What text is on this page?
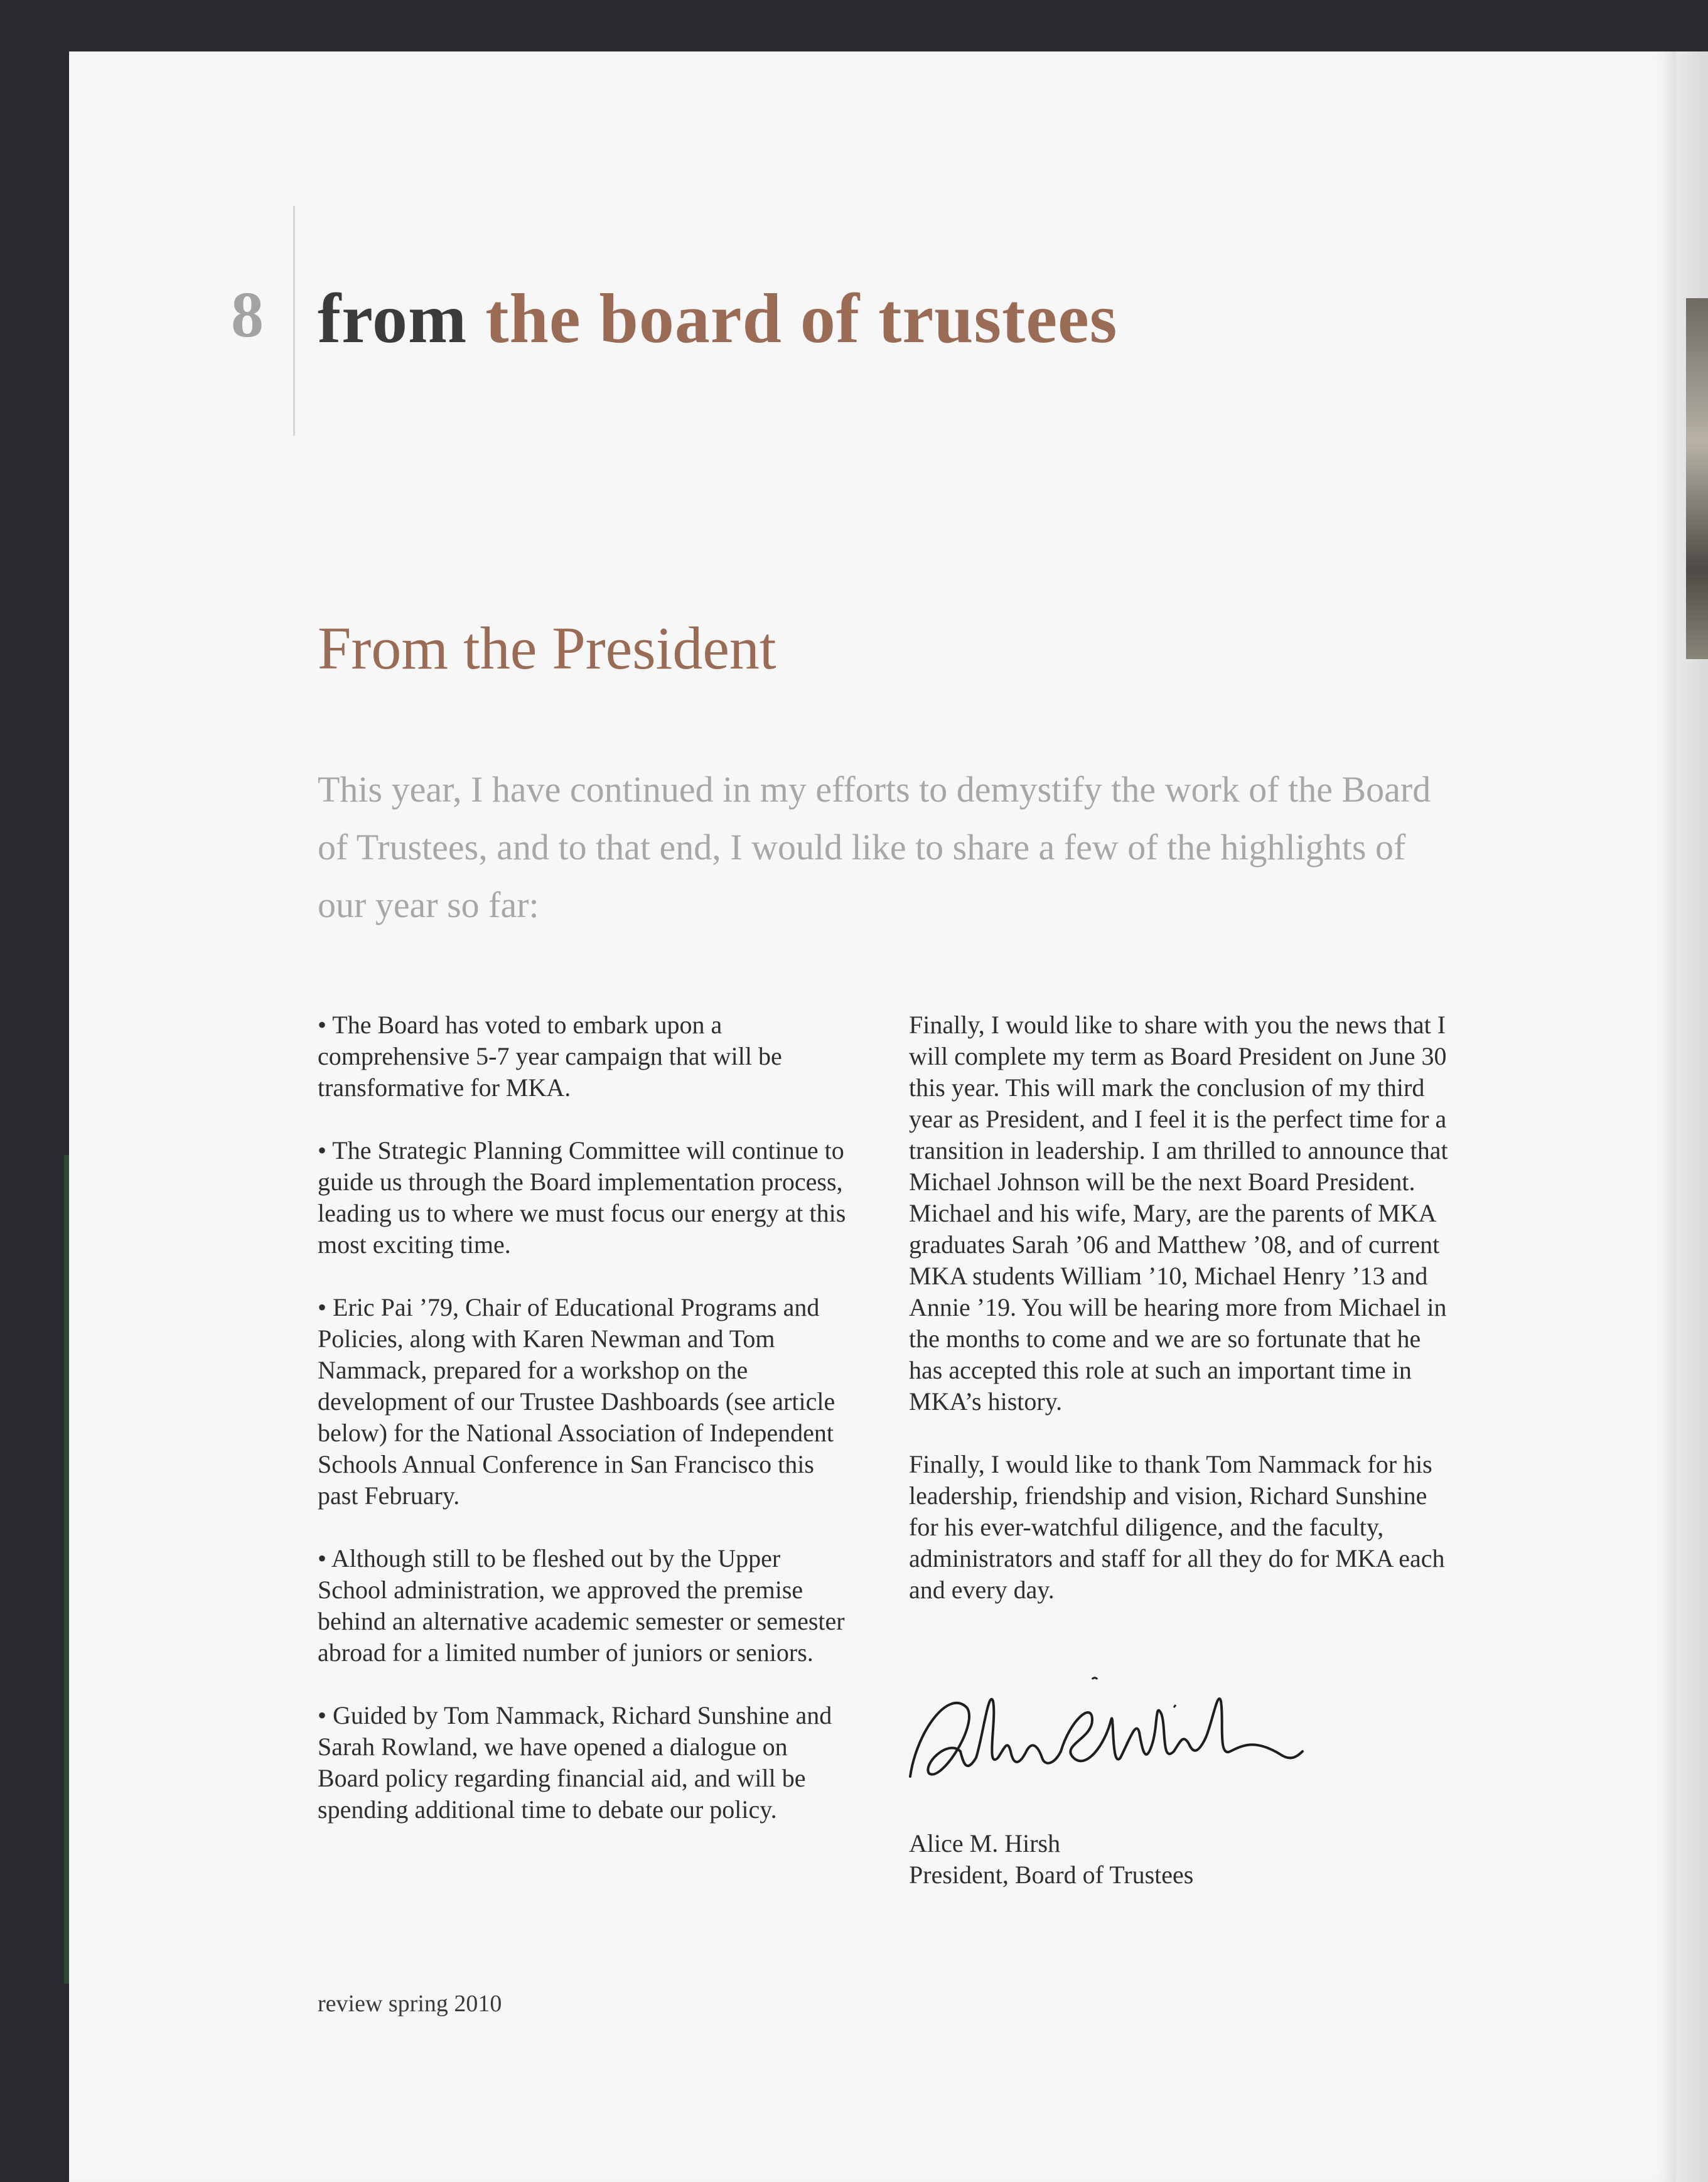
8 from the board of trustees
From the President

This year, I have continued in my efforts to demystify the work of the Board of Trustees, and to that end, I would like to share a few of the highlights of our year so far:

• The Board has voted to embark upon a comprehensive 5-7 year campaign that will be transformative for MKA.

• The Strategic Planning Committee will continue to guide us through the Board implementation process, leading us to where we must focus our energy at this most exciting time.

• Eric Pai ’79, Chair of Educational Programs and Policies, along with Karen Newman and Tom Nammack, prepared for a workshop on the development of our Trustee Dashboards (see article below) for the National Association of Independent Schools Annual Conference in San Francisco this past February.

• Although still to be fleshed out by the Upper School administration, we approved the premise behind an alternative academic semester or semester abroad for a limited number of juniors or seniors.

• Guided by Tom Nammack, Richard Sunshine and Sarah Rowland, we have opened a dialogue on Board policy regarding financial aid, and will be spending additional time to debate our policy.

Finally, I would like to share with you the news that I will complete my term as Board President on June 30 this year. This will mark the conclusion of my third year as President, and I feel it is the perfect time for a transition in leadership. I am thrilled to announce that Michael Johnson will be the next Board President. Michael and his wife, Mary, are the parents of MKA graduates Sarah ’06 and Matthew ’08, and of current MKA students William ’10, Michael Henry ’13 and Annie ’19. You will be hearing more from Michael in the months to come and we are so fortunate that he has accepted this role at such an important time in MKA’s history.

Finally, I would like to thank Tom Nammack for his leadership, friendship and vision, Richard Sunshine for his ever-watchful diligence, and the faculty, administrators and staff for all they do for MKA each and every day.

Alice M. Hirsh
President, Board of Trustees

review spring 2010
